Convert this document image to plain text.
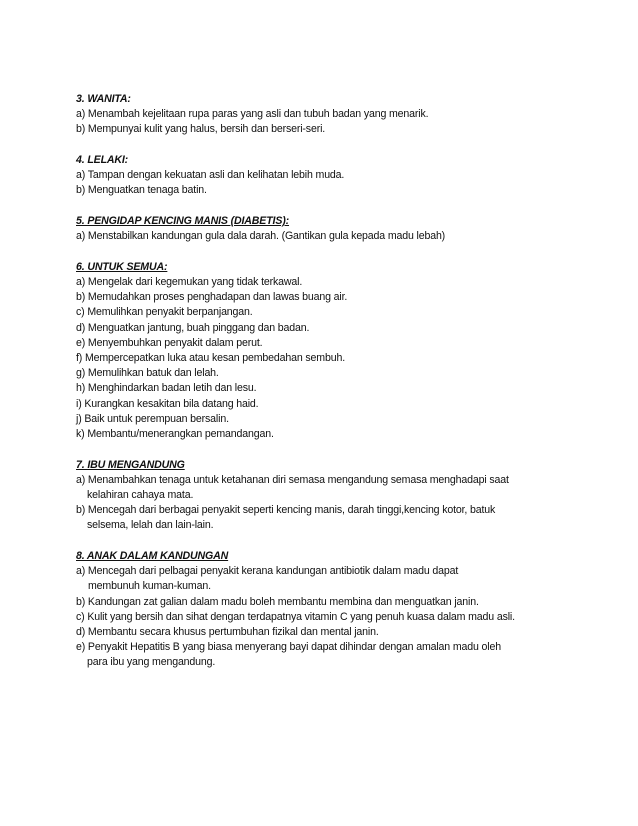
3. WANITA:
a) Menambah kejelitaan rupa paras yang asli dan tubuh badan yang menarik.
b) Mempunyai kulit yang halus, bersih dan berseri-seri.
4. LELAKI:
a) Tampan dengan kekuatan asli dan kelihatan lebih muda.
b) Menguatkan tenaga batin.
5. PENGIDAP KENCING MANIS (DIABETIS):
a) Menstabilkan kandungan gula dala darah. (Gantikan gula kepada madu lebah)
6. UNTUK SEMUA:
a) Mengelak dari kegemukan yang tidak terkawal.
b) Memudahkan proses penghadapan dan lawas buang air.
c) Memulihkan penyakit berpanjangan.
d) Menguatkan jantung, buah pinggang dan badan.
e) Menyembuhkan penyakit dalam perut.
f) Mempercepatkan luka atau kesan pembedahan sembuh.
g) Memulihkan batuk dan lelah.
h) Menghindarkan badan letih dan lesu.
i) Kurangkan kesakitan bila datang haid.
j) Baik untuk perempuan bersalin.
k) Membantu/menerangkan pemandangan.
7. IBU MENGANDUNG
a) Menambahkan tenaga untuk ketahanan diri semasa mengandung semasa menghadapi saat
kelahiran cahaya mata.
b) Mencegah dari berbagai penyakit seperti kencing manis, darah tinggi,kencing kotor, batuk
selsema, lelah dan lain-lain.
8. ANAK DALAM KANDUNGAN
a) Mencegah dari pelbagai penyakit kerana kandungan antibiotik dalam madu dapat
membunuh kuman-kuman.
b) Kandungan zat galian dalam madu boleh membantu membina dan menguatkan janin.
c) Kulit yang bersih dan sihat dengan terdapatnya vitamin C yang penuh kuasa dalam madu asli.
d) Membantu secara khusus pertumbuhan fizikal dan mental janin.
e) Penyakit Hepatitis B yang biasa menyerang bayi dapat dihindar dengan amalan madu oleh
para ibu yang mengandung.
